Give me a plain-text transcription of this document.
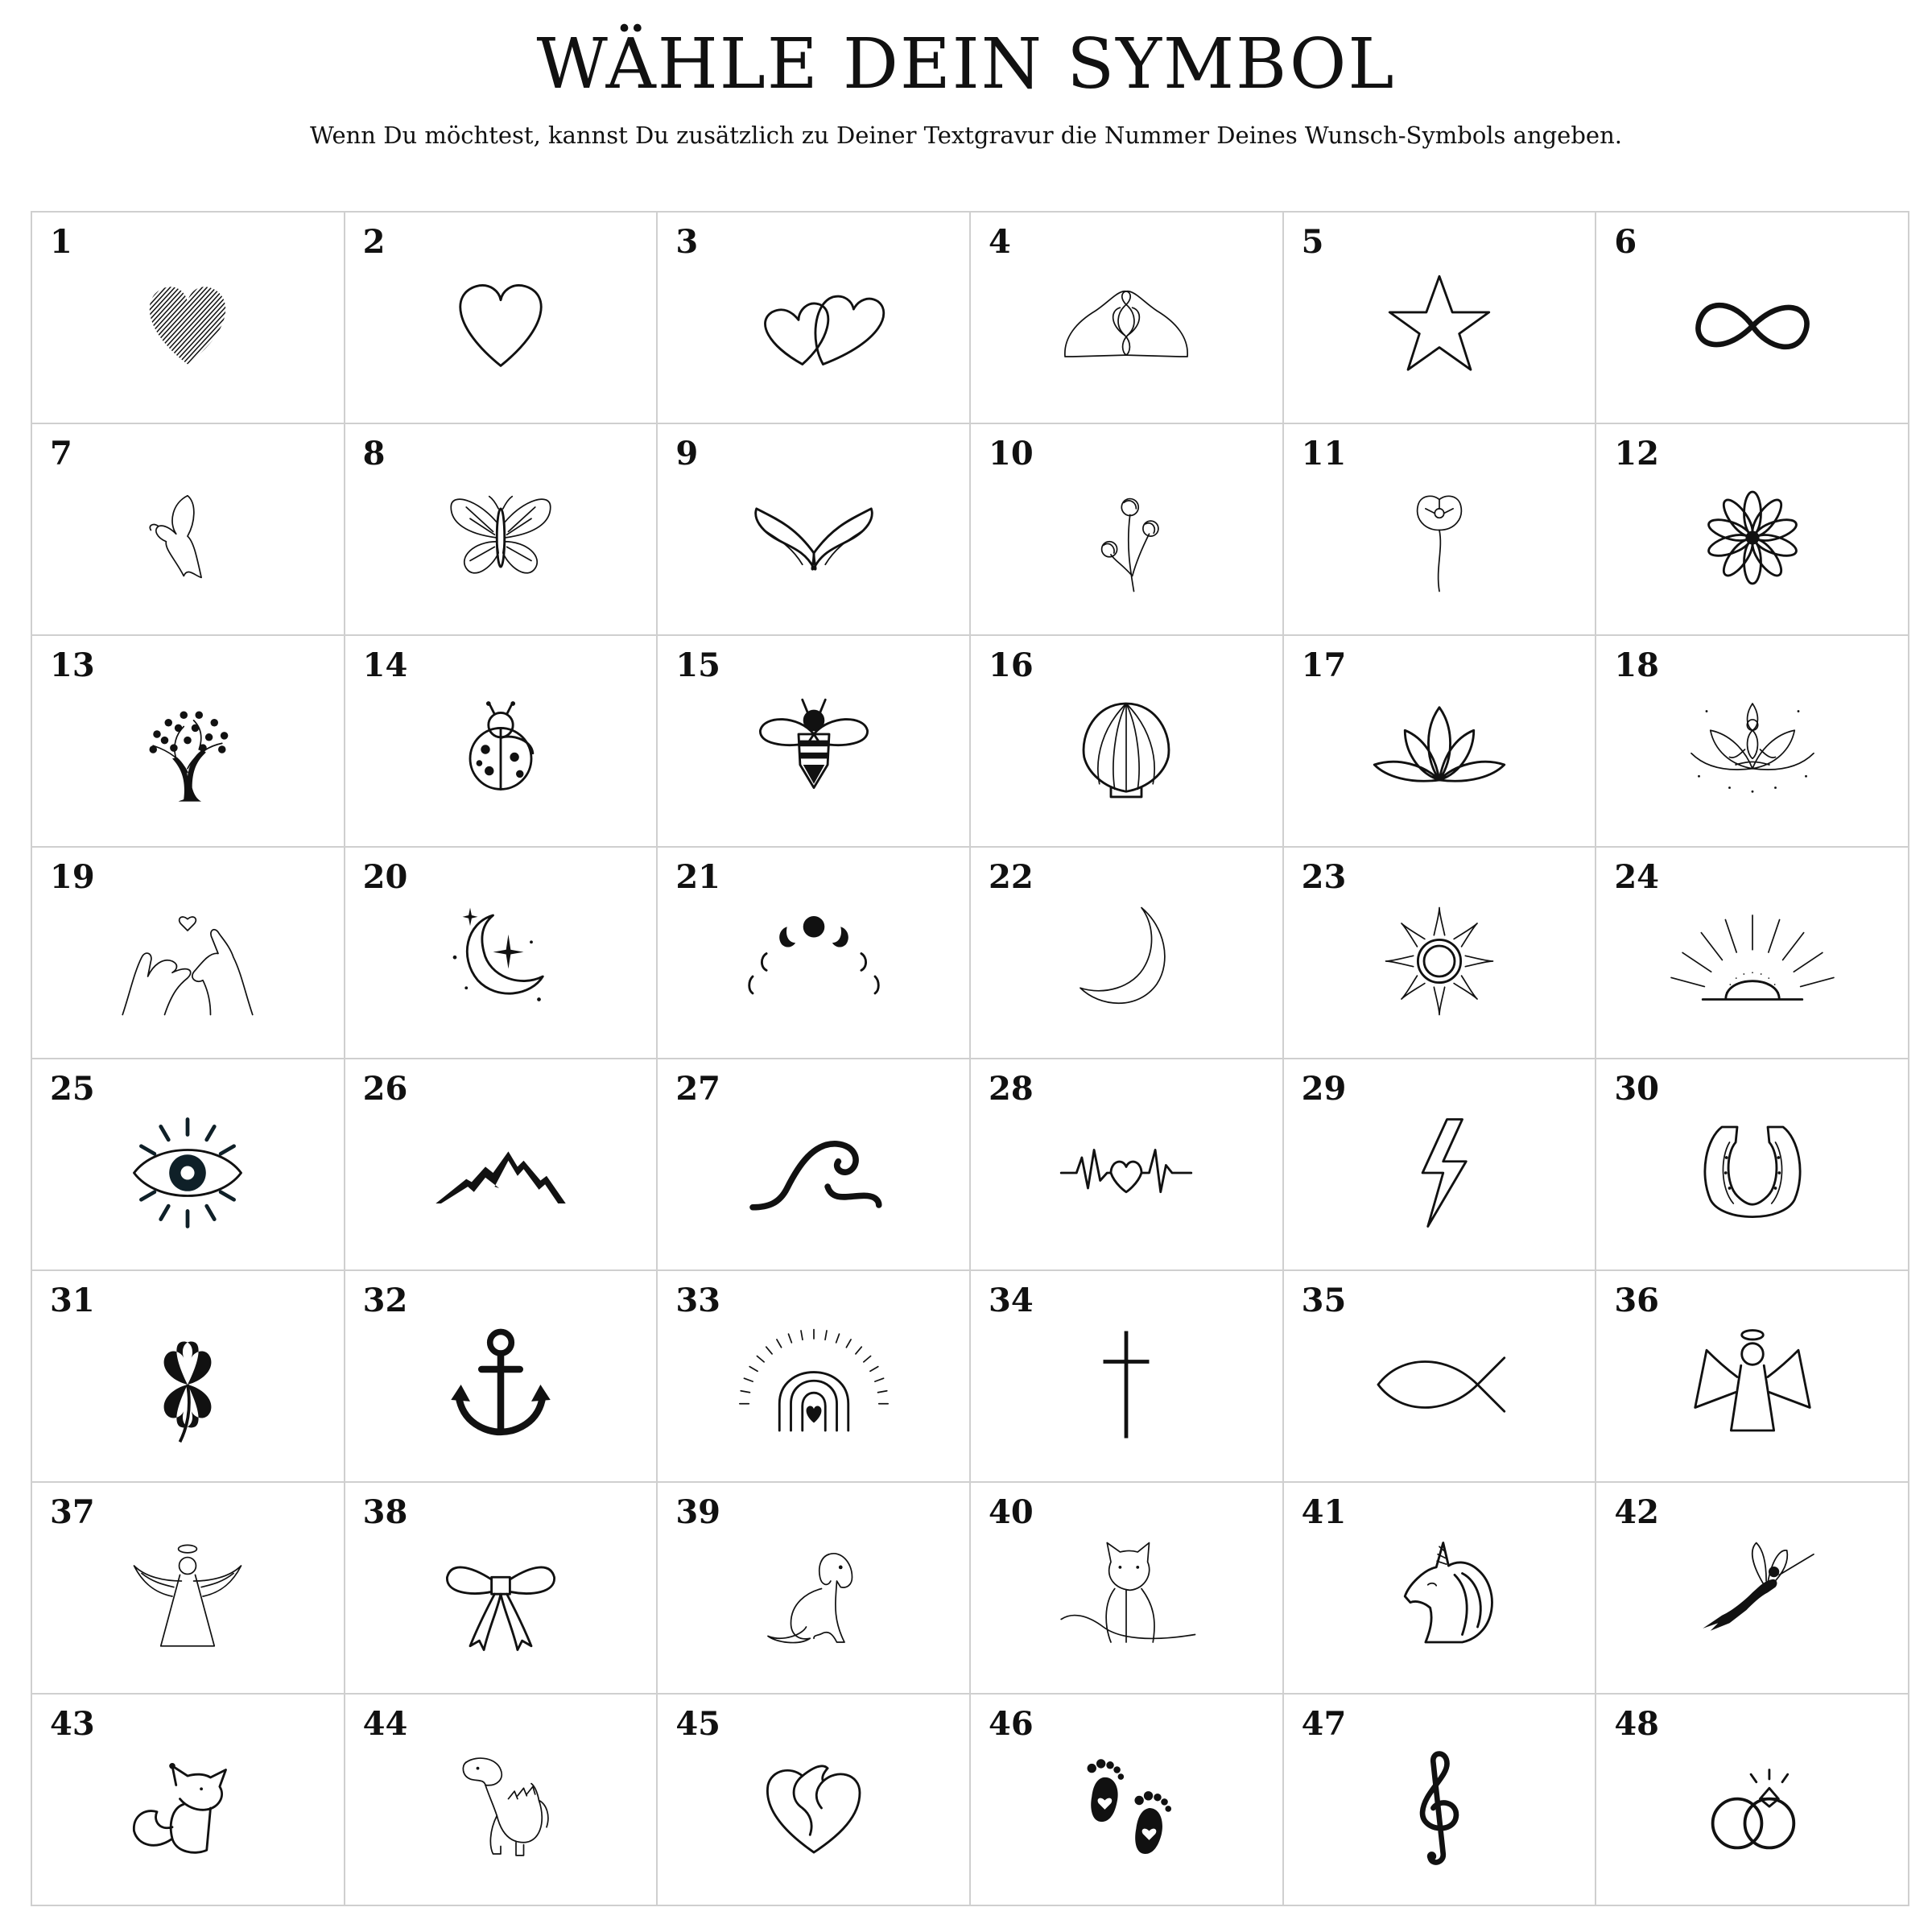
WÄHLE DEIN SYMBOL
Wenn Du möchtest, kannst Du zusätzlich zu Deiner Textgravur die Nummer Deines Wunsch-Symbols angeben.
1	2	3	4	5	6
7	8	9	10	11	12
13	14	15	16	17	18
19	20	21	22	23	24
25	26	27	28	29	30
31	32	33	34	35	36
37	38	39	40	41	42
43	44	45	46	47	48
